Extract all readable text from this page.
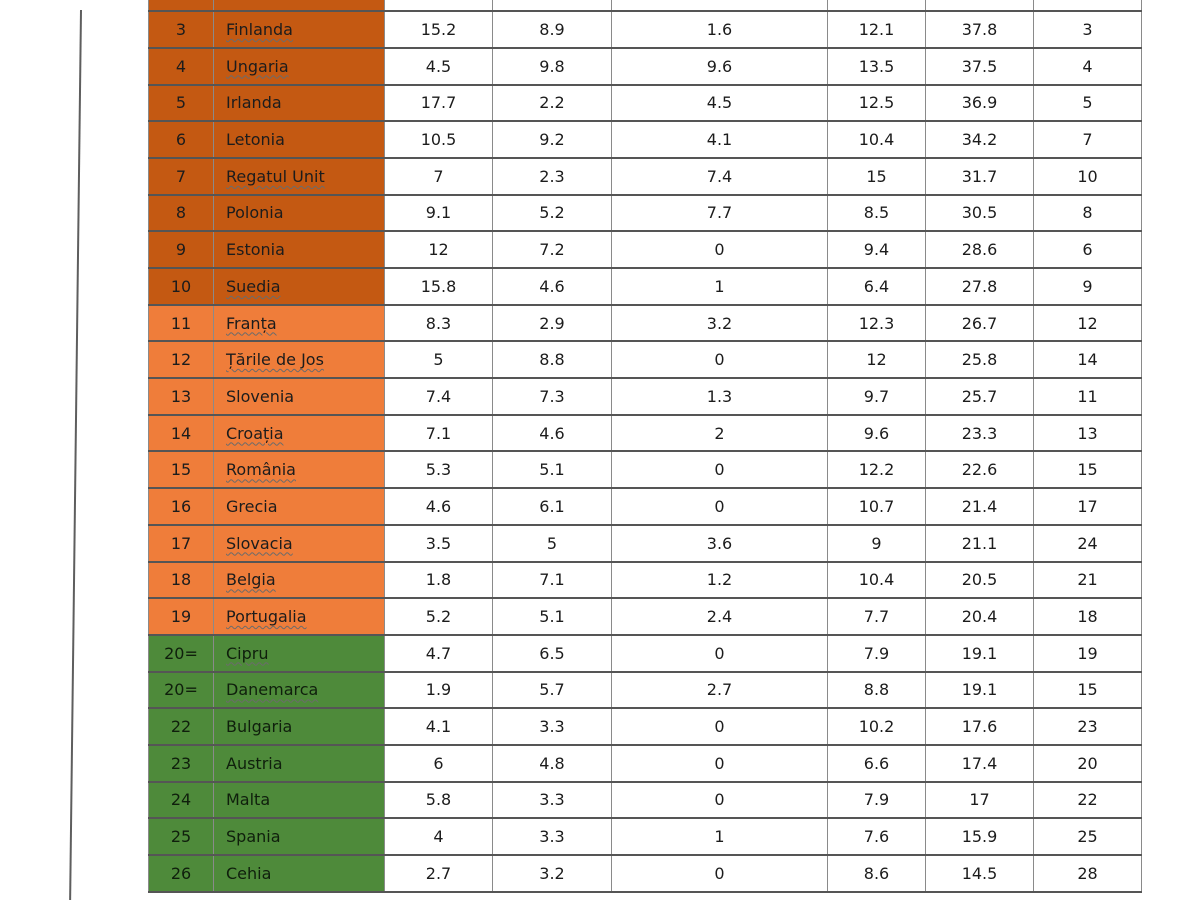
3	Finlanda	15.2	8.9	1.6	12.1	37.8	3
4	Ungaria	4.5	9.8	9.6	13.5	37.5	4
5	Irlanda	17.7	2.2	4.5	12.5	36.9	5
6	Letonia	10.5	9.2	4.1	10.4	34.2	7
7	Regatul Unit	7	2.3	7.4	15	31.7	10
8	Polonia	9.1	5.2	7.7	8.5	30.5	8
9	Estonia	12	7.2	0	9.4	28.6	6
10	Suedia	15.8	4.6	1	6.4	27.8	9
11	Franța	8.3	2.9	3.2	12.3	26.7	12
12	Țările de Jos	5	8.8	0	12	25.8	14
13	Slovenia	7.4	7.3	1.3	9.7	25.7	11
14	Croația	7.1	4.6	2	9.6	23.3	13
15	România	5.3	5.1	0	12.2	22.6	15
16	Grecia	4.6	6.1	0	10.7	21.4	17
17	Slovacia	3.5	5	3.6	9	21.1	24
18	Belgia	1.8	7.1	1.2	10.4	20.5	21
19	Portugalia	5.2	5.1	2.4	7.7	20.4	18
20=	Cipru	4.7	6.5	0	7.9	19.1	19
20=	Danemarca	1.9	5.7	2.7	8.8	19.1	15
22	Bulgaria	4.1	3.3	0	10.2	17.6	23
23	Austria	6	4.8	0	6.6	17.4	20
24	Malta	5.8	3.3	0	7.9	17	22
25	Spania	4	3.3	1	7.6	15.9	25
26	Cehia	2.7	3.2	0	8.6	14.5	28
